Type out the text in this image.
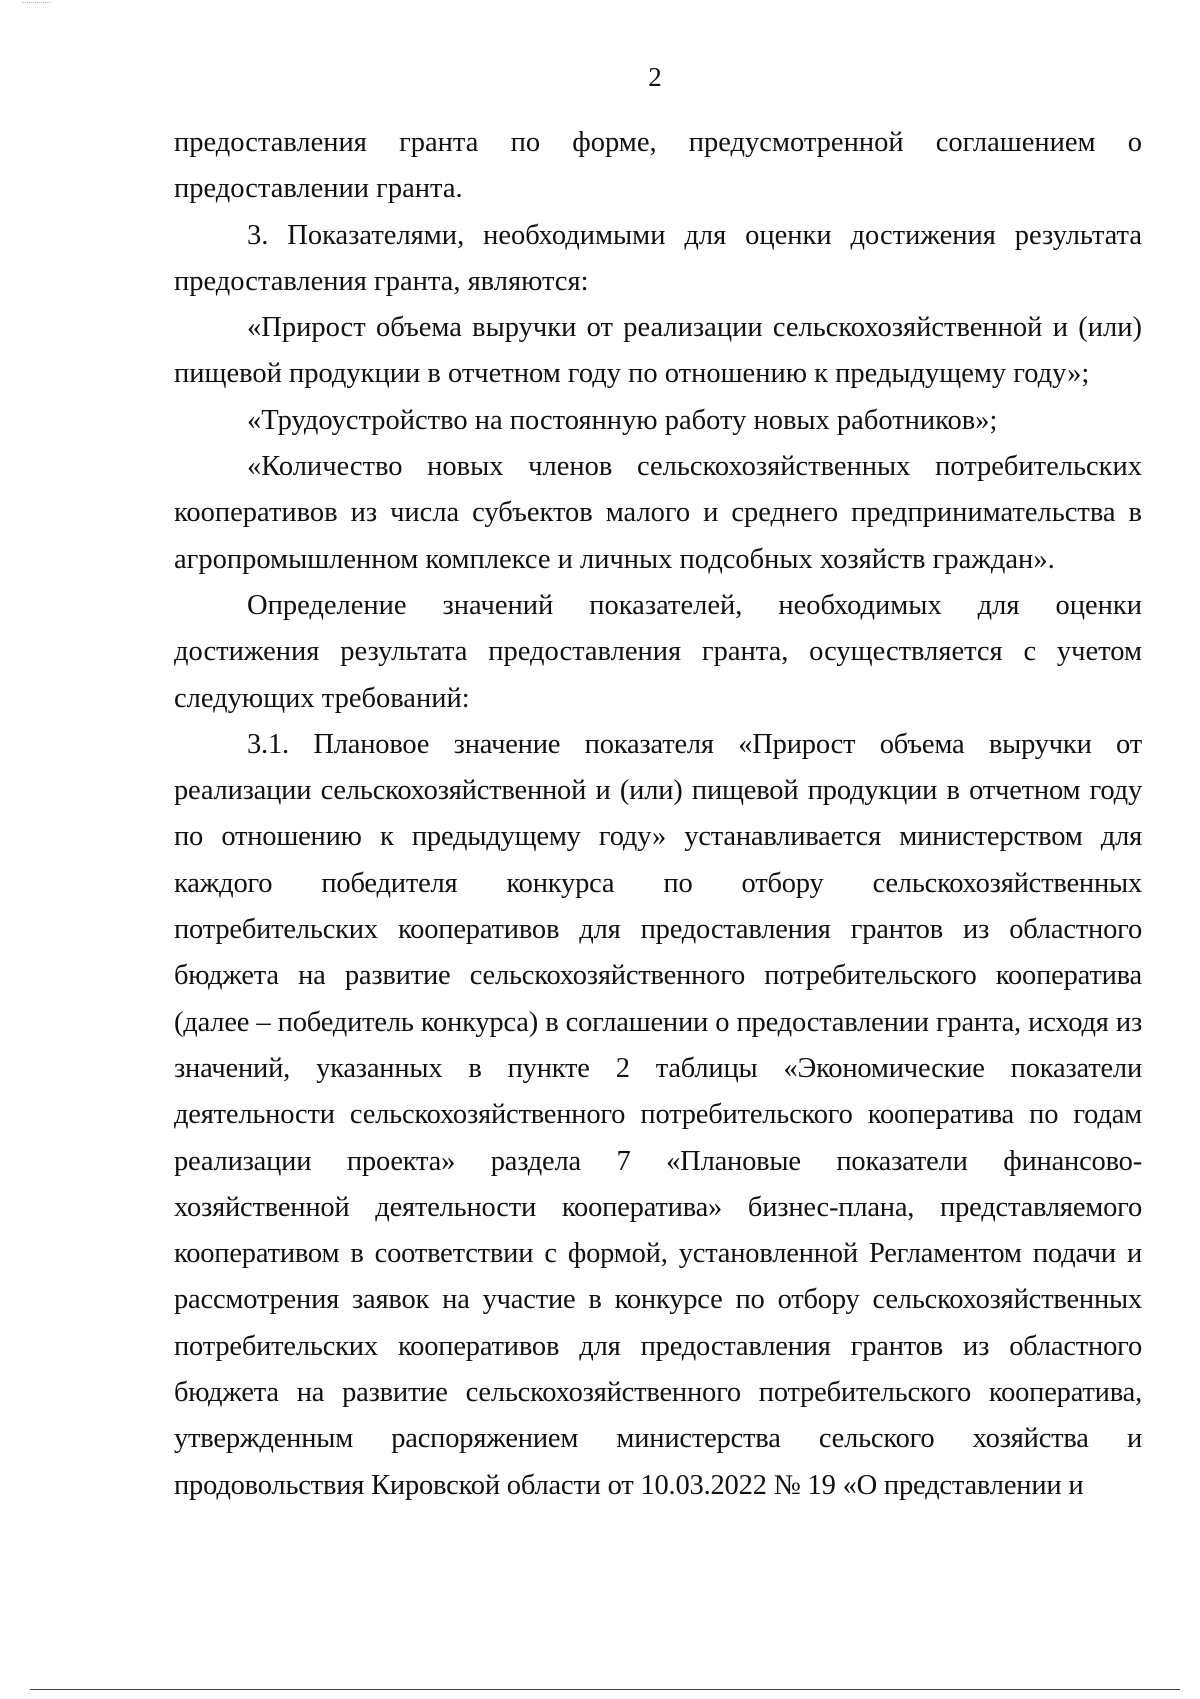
2

предоставления гранта по форме, предусмотренной соглашением о предоставлении гранта.

3. Показателями, необходимыми для оценки достижения результата предоставления гранта, являются:

«Прирост объема выручки от реализации сельскохозяйственной и (или) пищевой продукции в отчетном году по отношению к предыдущему году»;

«Трудоустройство на постоянную работу новых работников»;

«Количество новых членов сельскохозяйственных потребительских кооперативов из числа субъектов малого и среднего предпринимательства в агропромышленном комплексе и личных подсобных хозяйств граждан».

Определение значений показателей, необходимых для оценки достижения результата предоставления гранта, осуществляется с учетом следующих требований:

3.1. Плановое значение показателя «Прирост объема выручки от реализации сельскохозяйственной и (или) пищевой продукции в отчетном году по отношению к предыдущему году» устанавливается министерством для каждого победителя конкурса по отбору сельскохозяйственных потребительских кооперативов для предоставления грантов из областного бюджета на развитие сельскохозяйственного потребительского кооператива (далее – победитель конкурса) в соглашении о предоставлении гранта, исходя из значений, указанных в пункте 2 таблицы «Экономические показатели деятельности сельскохозяйственного потребительского кооператива по годам реализации проекта» раздела 7 «Плановые показатели финансово-хозяйственной деятельности кооператива» бизнес-плана, представляемого кооперативом в соответствии с формой, установленной Регламентом подачи и рассмотрения заявок на участие в конкурсе по отбору сельскохозяйственных потребительских кооперативов для предоставления грантов из областного бюджета на развитие сельскохозяйственного потребительского кооператива, утвержденным распоряжением министерства сельского хозяйства и продовольствия Кировской области от 10.03.2022 № 19 «О представлении и
